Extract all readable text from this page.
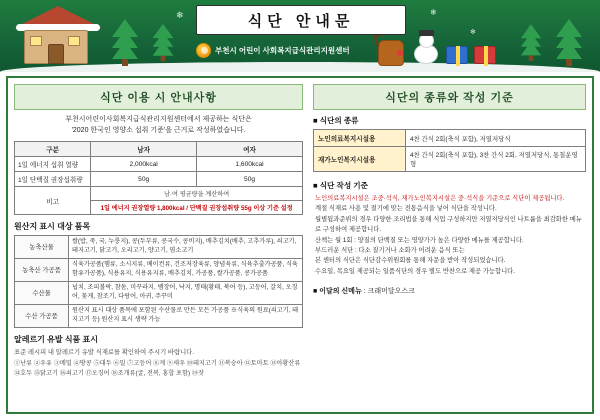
❄	❄
❄
❄
식단 안내문
부천시 어린이 사회복지급식관리지원센터
식단 이용 시 안내사항
부천시어린이사회복지급식관리지원센터에서 제공하는 식단은
'2020 한국인 영양소 섭취 기준'을 근거로 작성하였습니다.
구분	남자	여자
1일 에너지 섭취 열량	2,000kcal	1,600kcal
1일 단백질 권장섭취량	50g	50g
비고	남·여 평균량을 계산하여	
	1일 에너지 권장열량 1,800kcal / 단백질 권장섭취량 55g 이상 기준 설정	
원산지 표시 대상 품목
농축산물	쌀(밥, 죽, 국, 누룽지), 콩(두부류, 콩국수, 콩비지), 배추김치(배추, 고추가루), 쇠고기, 돼지고기, 닭고기, 오리고기, 양고기, 염소고기
농축산 가공품	식육가공품(햄류, 소시지류, 베이컨류, 건조저장육류, 양념육류, 식육추출가공품, 식육함유가공품), 식용유지, 식용유지류, 배추김치, 가공품, 쌀가공품, 콩가공품
수산물	넙치, 조피볼락, 참돔, 미꾸라지, 뱀장어, 낙지, 명태(황태, 북어 등), 고등어, 갈치, 오징어, 꽃게, 참조기, 다랑어, 아귀, 주꾸미
수산 가공품	원산지 표시 대상 품목에 포함된 수산물로 만든 모든 가공품 ※식육의 원료(쇠고기, 돼지고기 등) 원산지 표시 생략 가능
알레르기 유발 식품 표시
표준 레시피 내 알레르기 유발 식재료를 확인하여 주시기 바랍니다.
①난류 ②우유 ③메밀 ④땅콩 ⑤대두 ⑥밀 ⑦고등어 ⑧게 ⑨새우 ⑩돼지고기 ⑪복숭아 ⑫토마토 ⑬아황산류 ⑭호두 ⑮닭고기 ⑯쇠고기 ⑰오징어 ⑱조개류(굴, 전복, 홍합 포함) ⑲잣
식단의 종류와 작성 기준
■ 식단의 종류
노인의료복지시설용	4찬 간식 2회(축식 포함), 저열저당식
재가노인복지시설용	4찬 간식 2회(축식 포함), 3찬 간식 2회, 저열저당식, 통칠운영형
■ 식단 작성 기준
노인의료복지시설은 조중·석식, 재가노인복지시설은 중·석식을 기준으로 식단이 제공됩니다.
계절 식재료 사용 및 절기에 맞는 전통음식을 넣어 식단을 작성니다.
월별됩과준뷔의 경우 다양한 조리법을 통해 식업 구성하지만 저열저당식인 나트륨을 최감화한 메뉴로 구성하여 제공합니다.
산책는 월 1회 : 양질의 단백질 또는 영양가가 높은 다양한 메뉴를 제공합니다.
부드러운 식단 : 다소 질기거나 소화가 어려운 음식 또는
본 센터의 식단은 식단감수위원회를 통해 자문을 받아 작성되었습니다.
수요일, 목요일 제공되는 일품식단의 경우 별도 반찬으로 제공 가능합니다.
■ 이달의 신메뉴 : 크래머달오스크
